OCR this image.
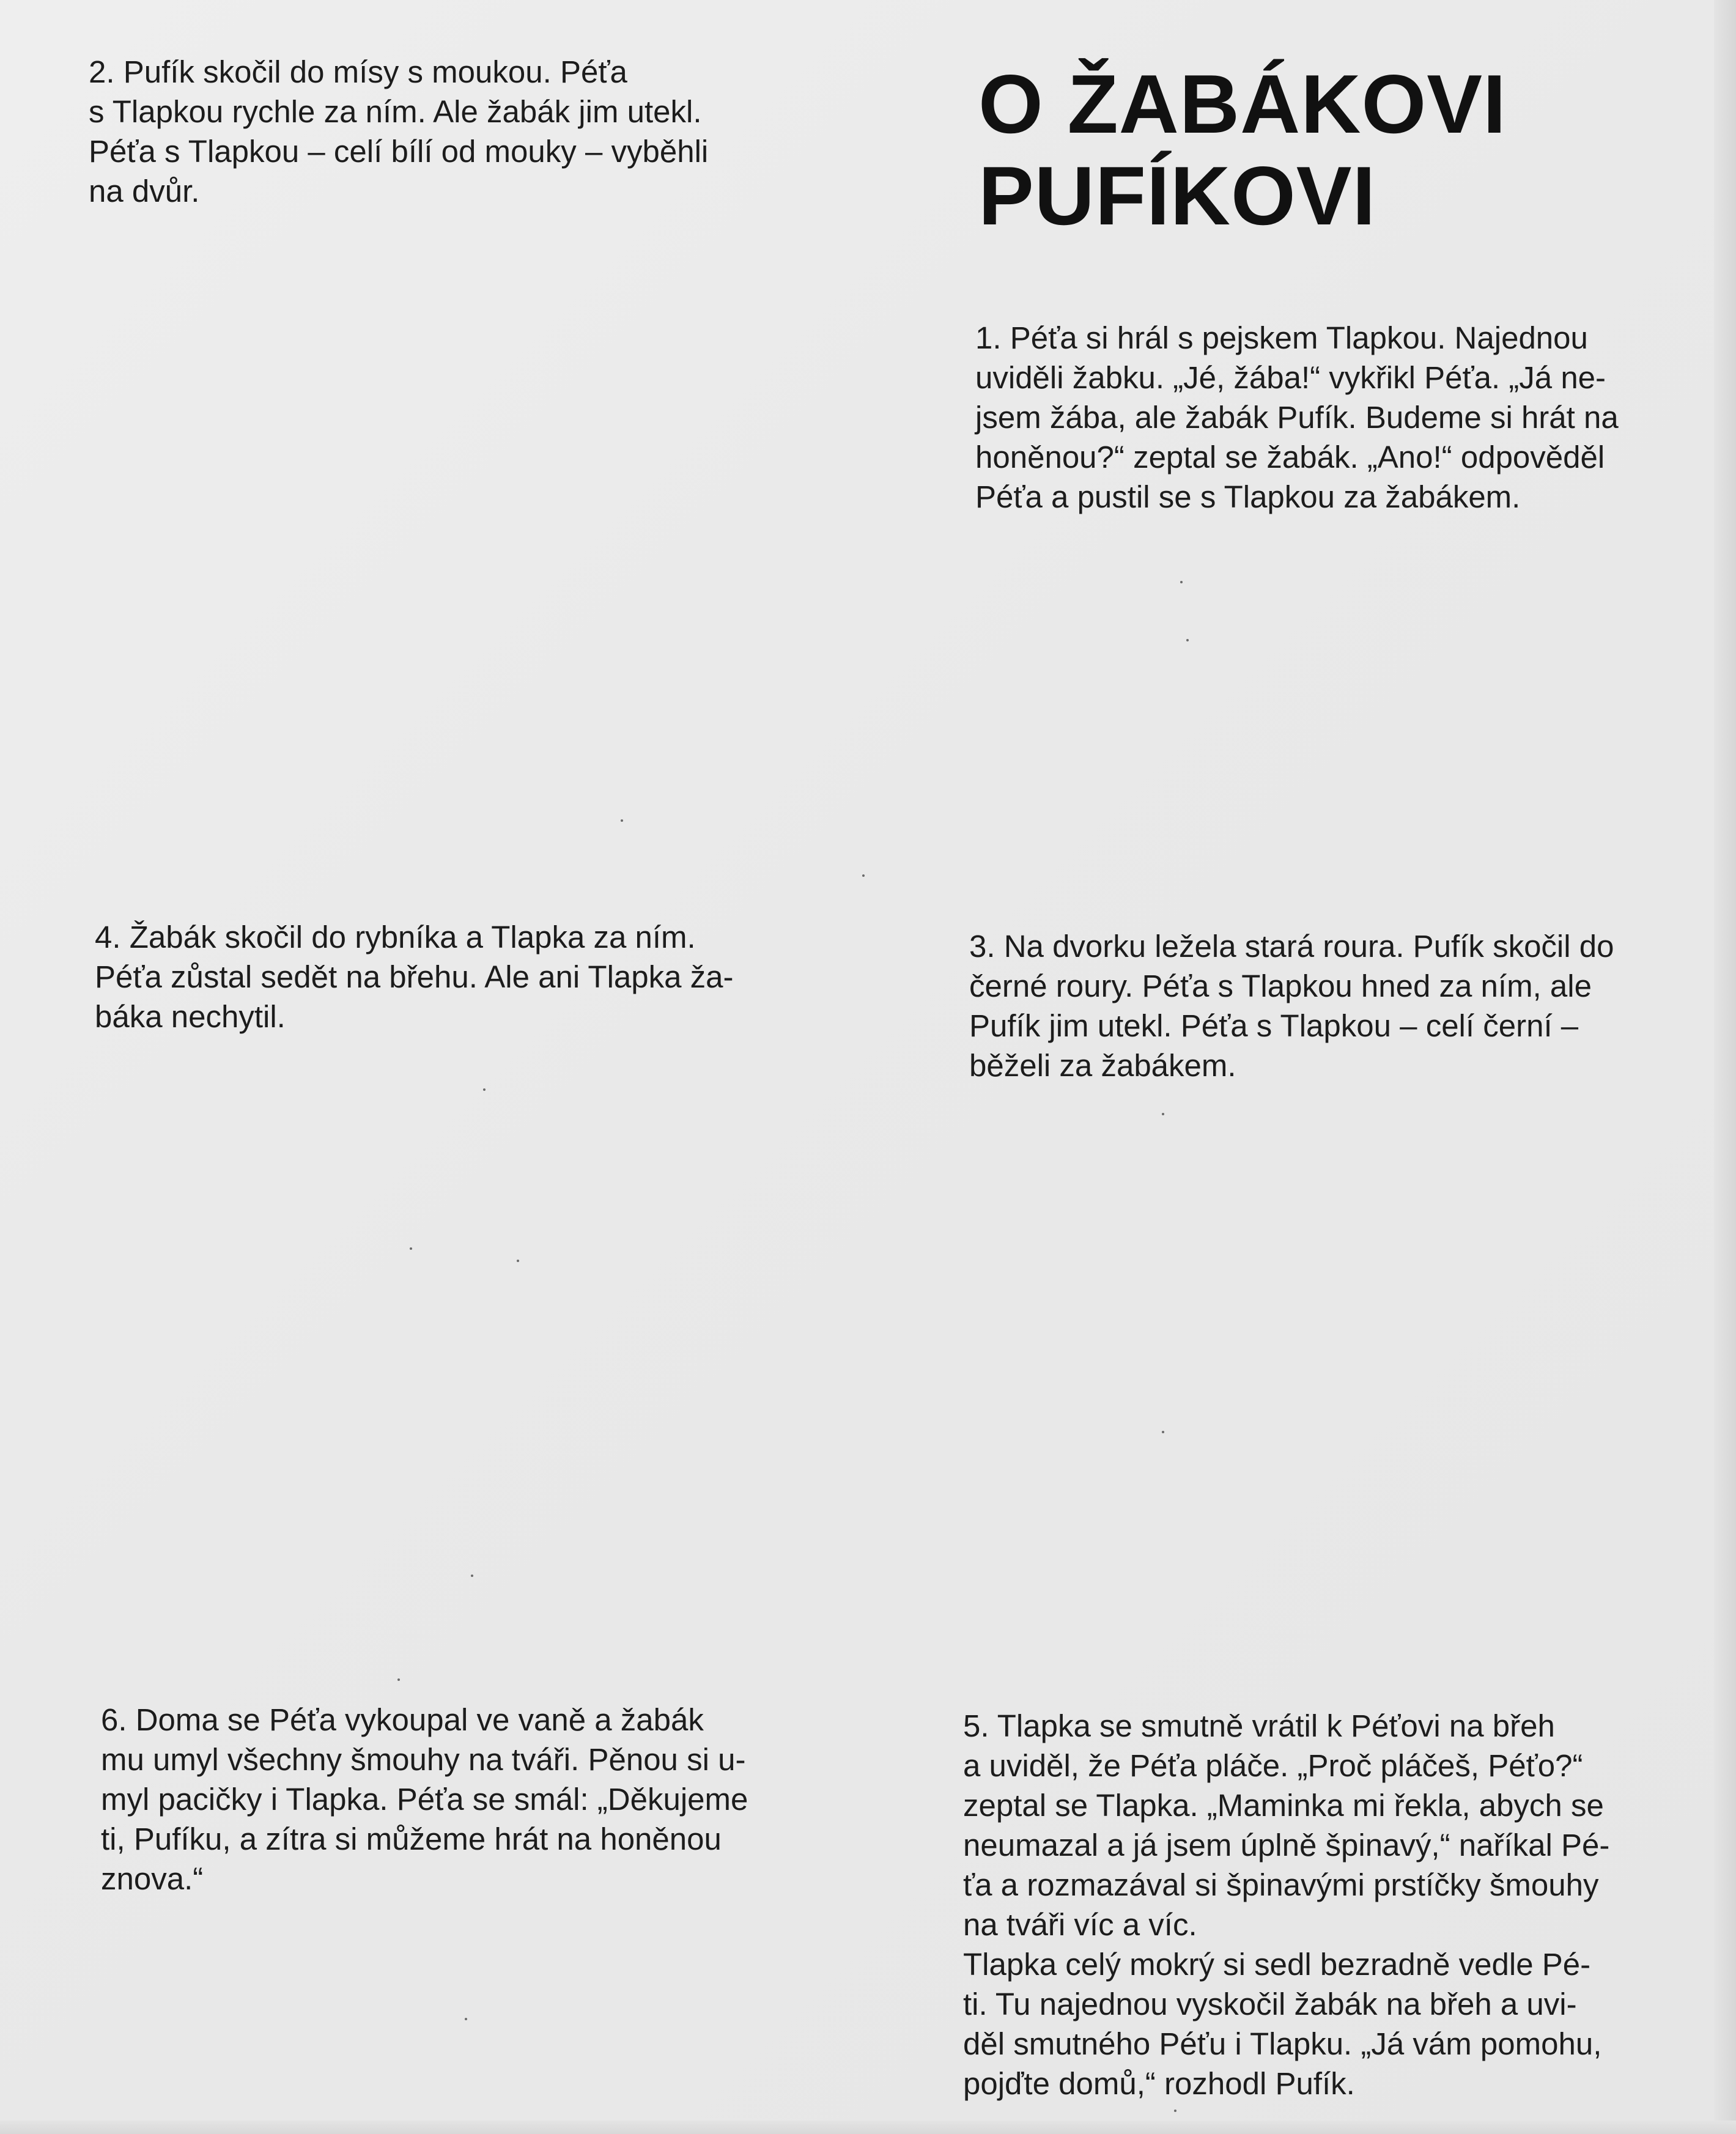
O ŽABÁKOVI
PUFÍKOVI

2. Pufík skočil do mísy s moukou. Péťa
s Tlapkou rychle za ním. Ale žabák jim utekl.
Péťa s Tlapkou – celí bílí od mouky – vyběhli
na dvůr.

1. Péťa si hrál s pejskem Tlapkou. Najednou
uviděli žabku. „Jé, žába!“ vykřikl Péťa. „Já ne-
jsem žába, ale žabák Pufík. Budeme si hrát na
honěnou?“ zeptal se žabák. „Ano!“ odpověděl
Péťa a pustil se s Tlapkou za žabákem.

4. Žabák skočil do rybníka a Tlapka za ním.
Péťa zůstal sedět na břehu. Ale ani Tlapka ža-
báka nechytil.

3. Na dvorku ležela stará roura. Pufík skočil do
černé roury. Péťa s Tlapkou hned za ním, ale
Pufík jim utekl. Péťa s Tlapkou – celí černí –
běželi za žabákem.

6. Doma se Péťa vykoupal ve vaně a žabák
mu umyl všechny šmouhy na tváři. Pěnou si u-
myl pacičky i Tlapka. Péťa se smál: „Děkujeme
ti, Pufíku, a zítra si můžeme hrát na honěnou
znova.“

5. Tlapka se smutně vrátil k Péťovi na břeh
a uviděl, že Péťa pláče. „Proč pláčeš, Péťo?“
zeptal se Tlapka. „Maminka mi řekla, abych se
neumazal a já jsem úplně špinavý,“ naříkal Pé-
ťa a rozmazával si špinavými prstíčky šmouhy
na tváři víc a víc.
Tlapka celý mokrý si sedl bezradně vedle Pé-
ti. Tu najednou vyskočil žabák na břeh a uvi-
děl smutného Péťu i Tlapku. „Já vám pomohu,
pojďte domů,“ rozhodl Pufík.
